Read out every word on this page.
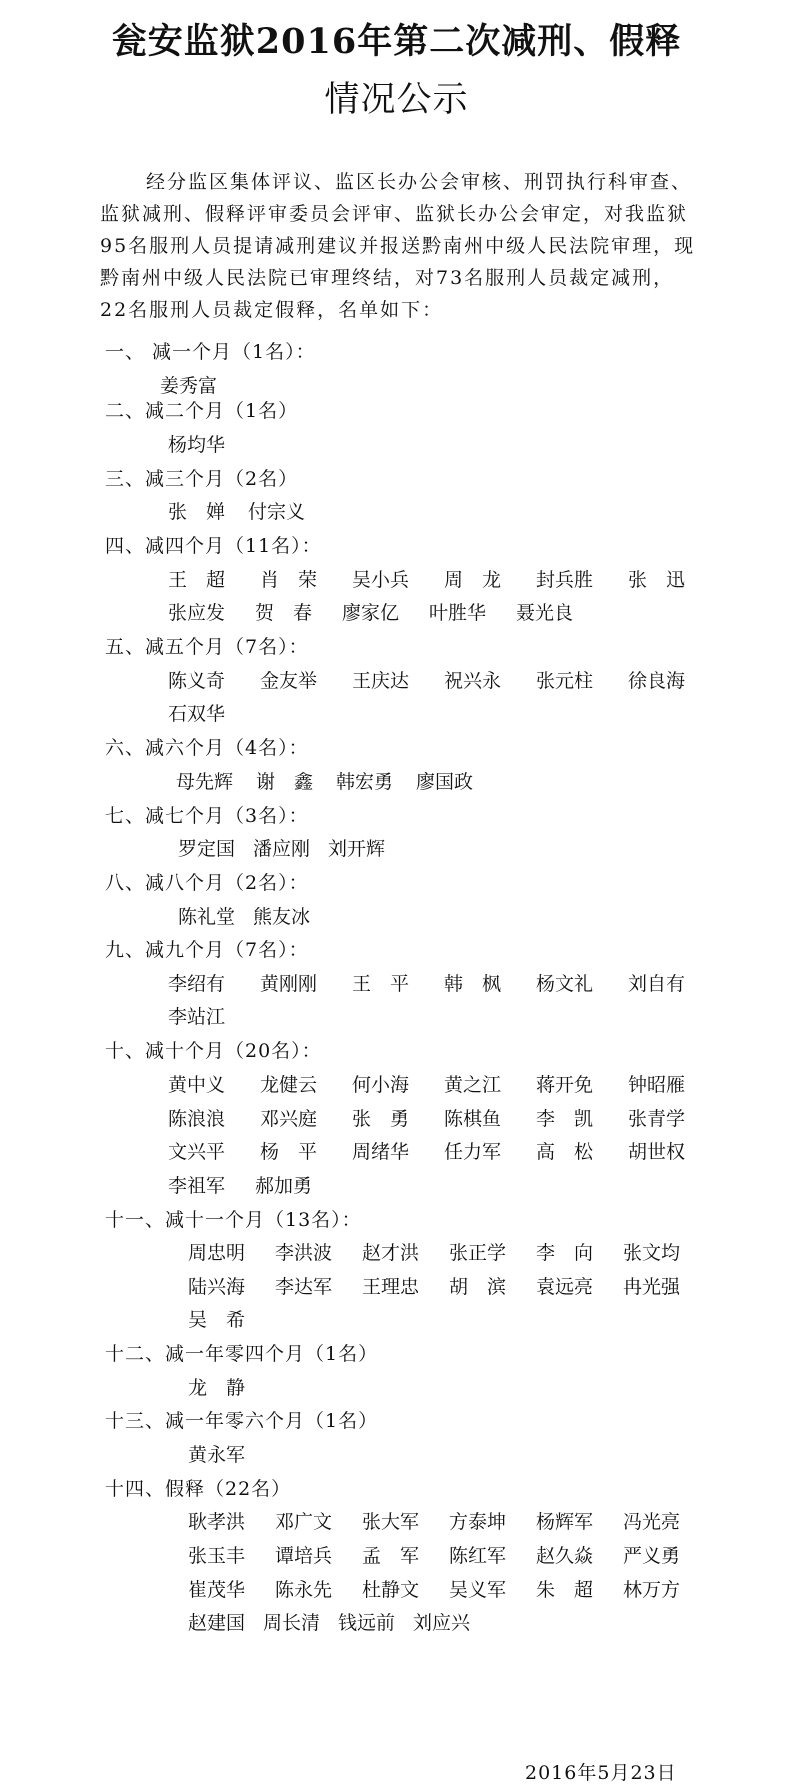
瓮安监狱2016年第二次减刑、假释
情况公示
经分监区集体评议、监区长办公会审核、刑罚执行科审查、监狱减刑、假释评审委员会评审、监狱长办公会审定，对我监狱95名服刑人员提请减刑建议并报送黔南州中级人民法院审理，现黔南州中级人民法院已审理终结，对73名服刑人员裁定减刑，22名服刑人员裁定假释，名单如下：
一、 减一个月（1名）：
姜秀富
二、减二个月（1名）
杨均华
三、减三个月（2名）
张　婵	付宗义
四、减四个月（11名）：
王　超	肖　荣	吴小兵	周　龙	封兵胜	张　迅
张应发	贺　春	廖家亿	叶胜华	聂光良
五、减五个月（7名）：
陈义奇	金友举	王庆达	祝兴永	张元柱	徐良海
石双华
六、减六个月（4名）：
母先辉	谢　鑫	韩宏勇	廖国政
七、减七个月（3名）：
罗定国 潘应刚 刘开辉
八、减八个月（2名）：
陈礼堂 熊友冰
九、减九个月（7名）：
李绍有	黄刚刚	王　平	韩　枫	杨文礼	刘自有
李站江
十、减十个月（20名）：
黄中义	龙健云	何小海	黄之江	蒋开免	钟昭雁
陈浪浪	邓兴庭	张　勇	陈棋鱼	李　凯	张青学
文兴平	杨　平	周绪华	任力军	高　松	胡世权
李祖军	郝加勇
十一、减十一个月（13名）：
周忠明	李洪波	赵才洪	张正学	李　向	张文均
陆兴海	李达军	王理忠	胡　滨	袁远亮	冉光强
吴　希
十二、减一年零四个月（1名）
龙　静
十三、减一年零六个月（1名）
黄永军
十四、假释（22名）
耿孝洪	邓广文	张大军	方泰坤	杨辉军	冯光亮
张玉丰	谭培兵	孟　军	陈红军	赵久焱	严义勇
崔茂华	陈永先	杜静文	吴义军	朱　超	林万方
赵建国 周长清 钱远前 刘应兴
2016年5月23日
